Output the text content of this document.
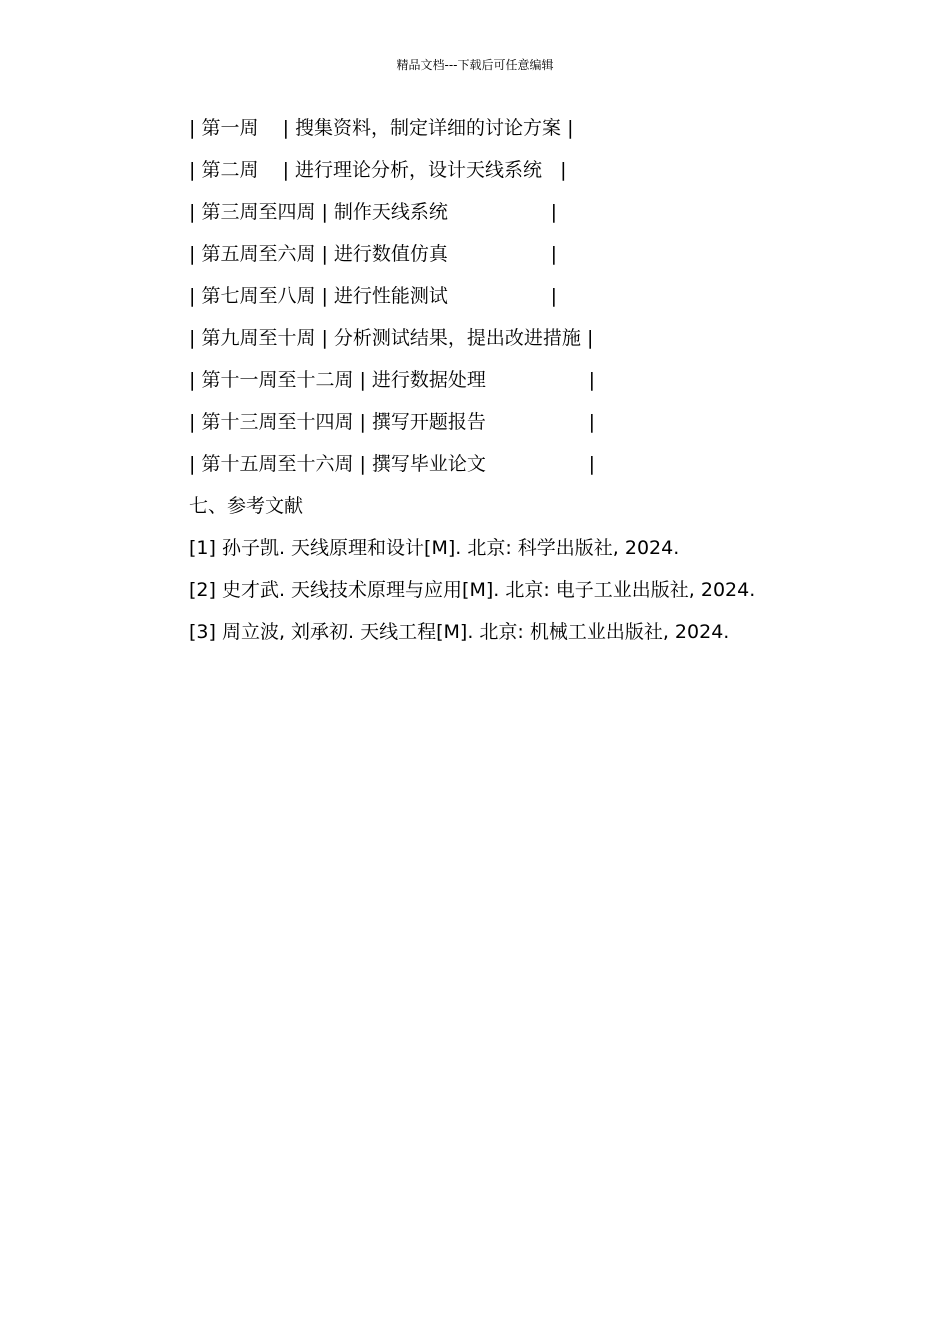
精品文档---下载后可任意编辑
| 第一周    | 搜集资料，制定详细的讨论方案 |
| 第二周    | 进行理论分析，设计天线系统   |
| 第三周至四周 | 制作天线系统                 |
| 第五周至六周 | 进行数值仿真                 |
| 第七周至八周 | 进行性能测试                 |
| 第九周至十周 | 分析测试结果，提出改进措施 |
| 第十一周至十二周 | 进行数据处理                 |
| 第十三周至十四周 | 撰写开题报告                 |
| 第十五周至十六周 | 撰写毕业论文                 |
七、参考文献
[1] 孙子凯. 天线原理和设计[M]. 北京: 科学出版社, 2024.
[2] 史才武. 天线技术原理与应用[M]. 北京: 电子工业出版社, 2024.
[3] 周立波, 刘承初. 天线工程[M]. 北京: 机械工业出版社, 2024.
